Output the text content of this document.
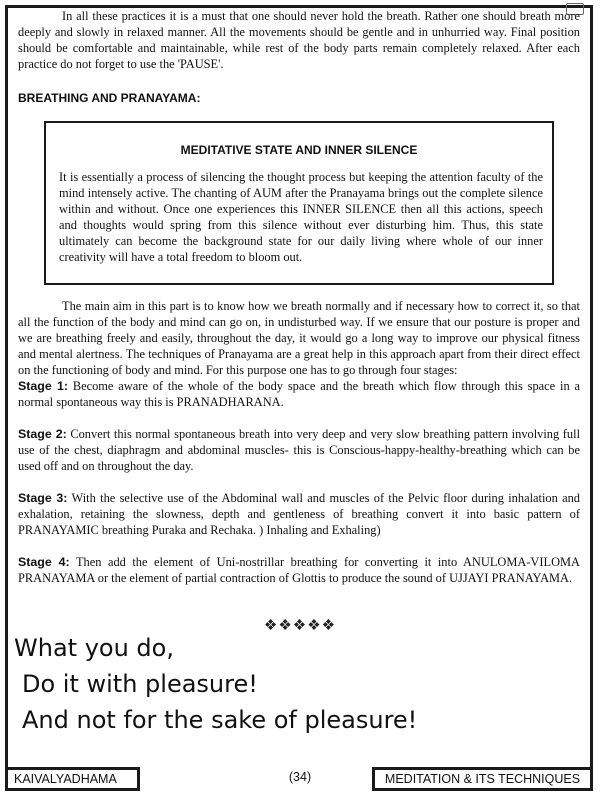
In all these practices it is a must that one should never hold the breath. Rather one should breath more deeply and slowly in relaxed manner. All the movements should be gentle and in unhurried way. Final position should be comfortable and maintainable, while rest of the body parts remain completely relaxed. After each practice do not forget to use the 'PAUSE'.

BREATHING AND PRANAYAMA:

MEDITATIVE STATE AND INNER SILENCE
It is essentially a process of silencing the thought process but keeping the attention faculty of the mind intensely active. The chanting of AUM after the Pranayama brings out the complete silence within and without. Once one experiences this INNER SILENCE then all this actions, speech and thoughts would spring from this silence without ever disturbing him. Thus, this state ultimately can become the background state for our daily living where whole of our inner creativity will have a total freedom to bloom out.

The main aim in this part is to know how we breath normally and if necessary how to correct it, so that all the function of the body and mind can go on, in undisturbed way. If we ensure that our posture is proper and we are breathing freely and easily, throughout the day, it would go a long way to improve our physical fitness and mental alertness. The techniques of Pranayama are a great help in this approach apart from their direct effect on the functioning of body and mind. For this purpose one has to go through four stages:

Stage 1: Become aware of the whole of the body space and the breath which flow through this space in a normal spontaneous way this is PRANADHARANA.

Stage 2: Convert this normal spontaneous breath into very deep and very slow breathing pattern involving full use of the chest, diaphragm and abdominal muscles- this is Conscious-happy-healthy-breathing which can be used off and on throughout the day.

Stage 3: With the selective use of the Abdominal wall and muscles of the Pelvic floor during inhalation and exhalation, retaining the slowness, depth and gentleness of breathing convert it into basic pattern of PRANAYAMIC breathing Puraka and Rechaka. ) Inhaling and Exhaling)

Stage 4: Then add the element of Uni-nostrillar breathing for converting it into ANULOMA-VILOMA PRANAYAMA or the element of partial contraction of Glottis to produce the sound of UJJAYI PRANAYAMA.

❖❖❖❖❖
What you do,
Do it with pleasure!
And not for the sake of pleasure!
KAIVALYADHAMA	(34)	MEDITATION & ITS TECHNIQUES
